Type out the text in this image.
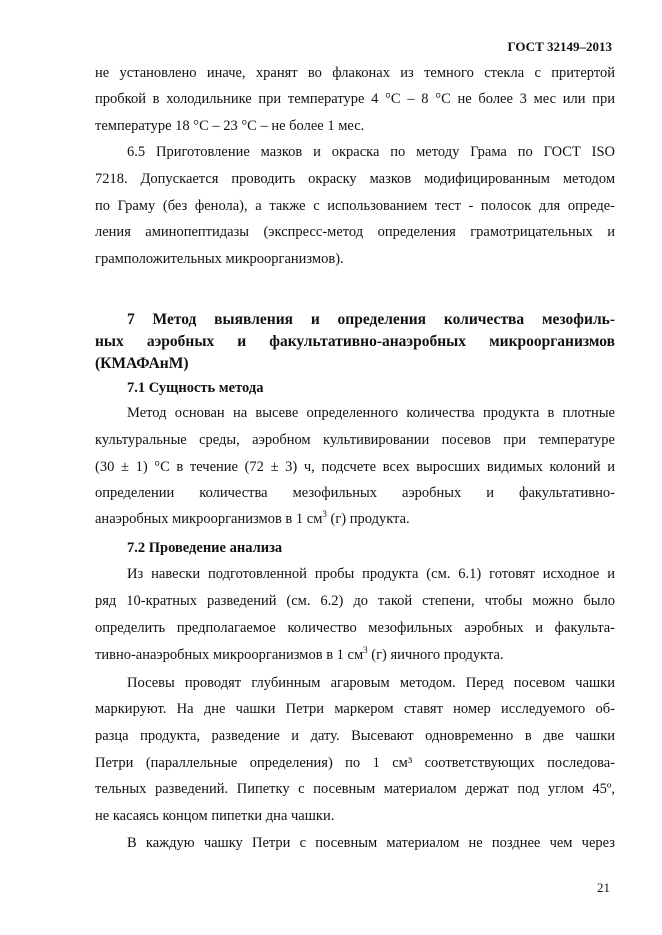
ГОСТ 32149–2013
не установлено иначе, хранят во флаконах из темного стекла с притертой
пробкой в холодильнике при температуре 4 °С – 8 °С не более 3 мес или при
температуре 18 °С – 23 °С – не более 1 мес.
6.5 Приготовление мазков и окраска по методу Грама по ГОСТ ISO
7218. Допускается проводить окраску мазков модифицированным методом
по Граму (без фенола), а также с использованием тест - полосок для опреде-
ления аминопептидазы (экспресс-метод определения грамотрицательных и
грамположительных микроорганизмов).
7 Метод выявления и определения количества мезофиль-
ных аэробных и факультативно-анаэробных микроорганизмов
(КМАФАнМ)
7.1 Сущность метода
Метод основан на высеве определенного количества продукта в плотные
культуральные среды, аэробном культивировании посевов при температуре
(30 ± 1) °С в течение (72 ± 3) ч, подсчете всех выросших видимых колоний и
определении количества мезофильных аэробных и факультативно-
анаэробных микроорганизмов в 1 $см^3$ (г) продукта.
7.2 Проведение анализа
Из навески подготовленной пробы продукта (см. 6.1) готовят исходное и
ряд 10-кратных разведений (см. 6.2) до такой степени, чтобы можно было
определить предполагаемое количество мезофильных аэробных и факульта-
тивно-анаэробных микроорганизмов в 1 $см^3$ (г) яичного продукта.
Посевы проводят глубинным агаровым методом. Перед посевом чашки
маркируют. На дне чашки Петри маркером ставят номер исследуемого об-
разца продукта, разведение и дату. Высевают одновременно в две чашки
Петри (параллельные определения) по 1 см³ соответствующих последова-
тельных разведений. Пипетку с посевным материалом держат под углом 45º,
не касаясь концом пипетки дна чашки.
В каждую чашку Петри с посевным материалом не позднее чем через
21
